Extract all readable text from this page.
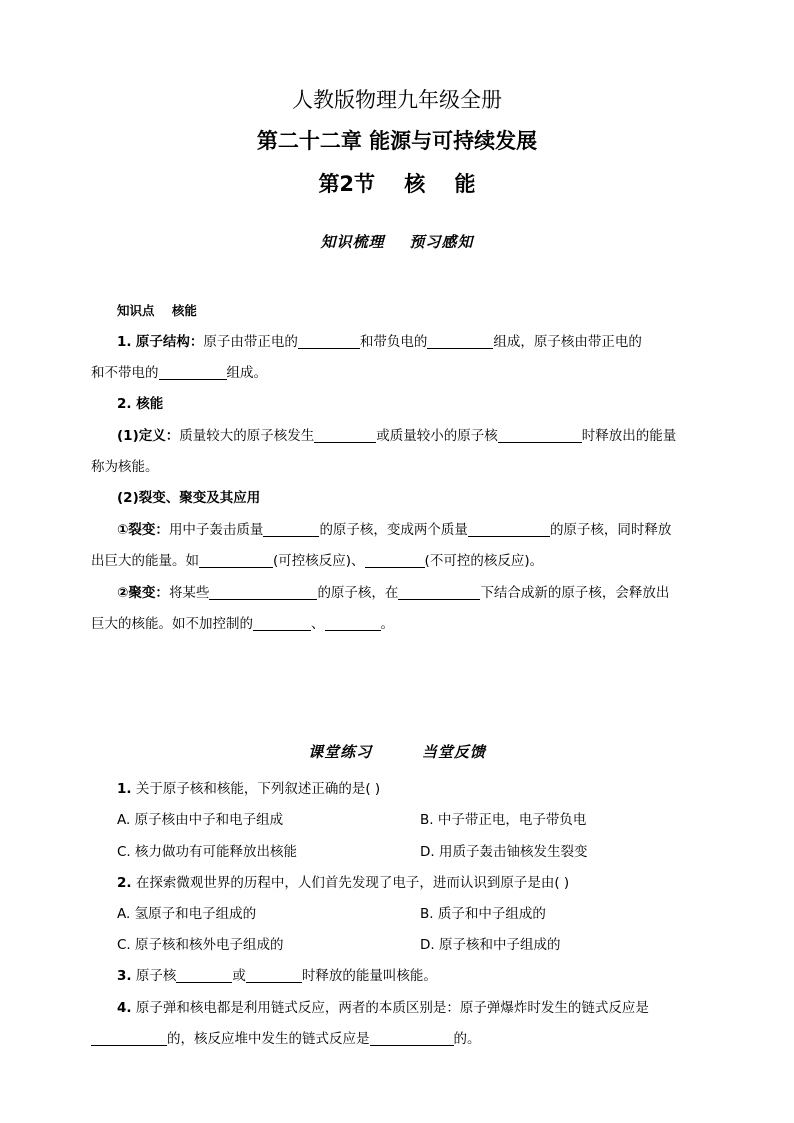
人教版物理九年级全册
第二十二章 能源与可持续发展
第2节    核    能
知识梳理    预习感知
知识点    核能
1. 原子结构：原子由带正电的	和带负电的	组成，原子核由带正电的
和不带电的	组成。
2. 核能
(1)定义：质量较大的原子核发生	或质量较小的原子核	时释放出的能量
称为核能。
(2)裂变、聚变及其应用
①裂变：用中子轰击质量	的原子核，变成两个质量	的原子核，同时释放
出巨大的能量。如	(可控核反应)、	(不可控的核反应)。
②聚变：将某些	的原子核，在	下结合成新的原子核，会释放出
巨大的核能。如不加控制的	、	。
课堂练习        当堂反馈
1. 关于原子核和核能，下列叙述正确的是( )
A. 原子核由中子和电子组成	B. 中子带正电，电子带负电
C. 核力做功有可能释放出核能	D. 用质子轰击铀核发生裂变
2. 在探索微观世界的历程中，人们首先发现了电子，进而认识到原子是由( )
A. 氢原子和电子组成的	B. 质子和中子组成的
C. 原子核和核外电子组成的	D. 原子核和中子组成的
3. 原子核	或	时释放的能量叫核能。
4. 原子弹和核电都是利用链式反应，两者的本质区别是：原子弹爆炸时发生的链式反应是
的，核反应堆中发生的链式反应是	的。
